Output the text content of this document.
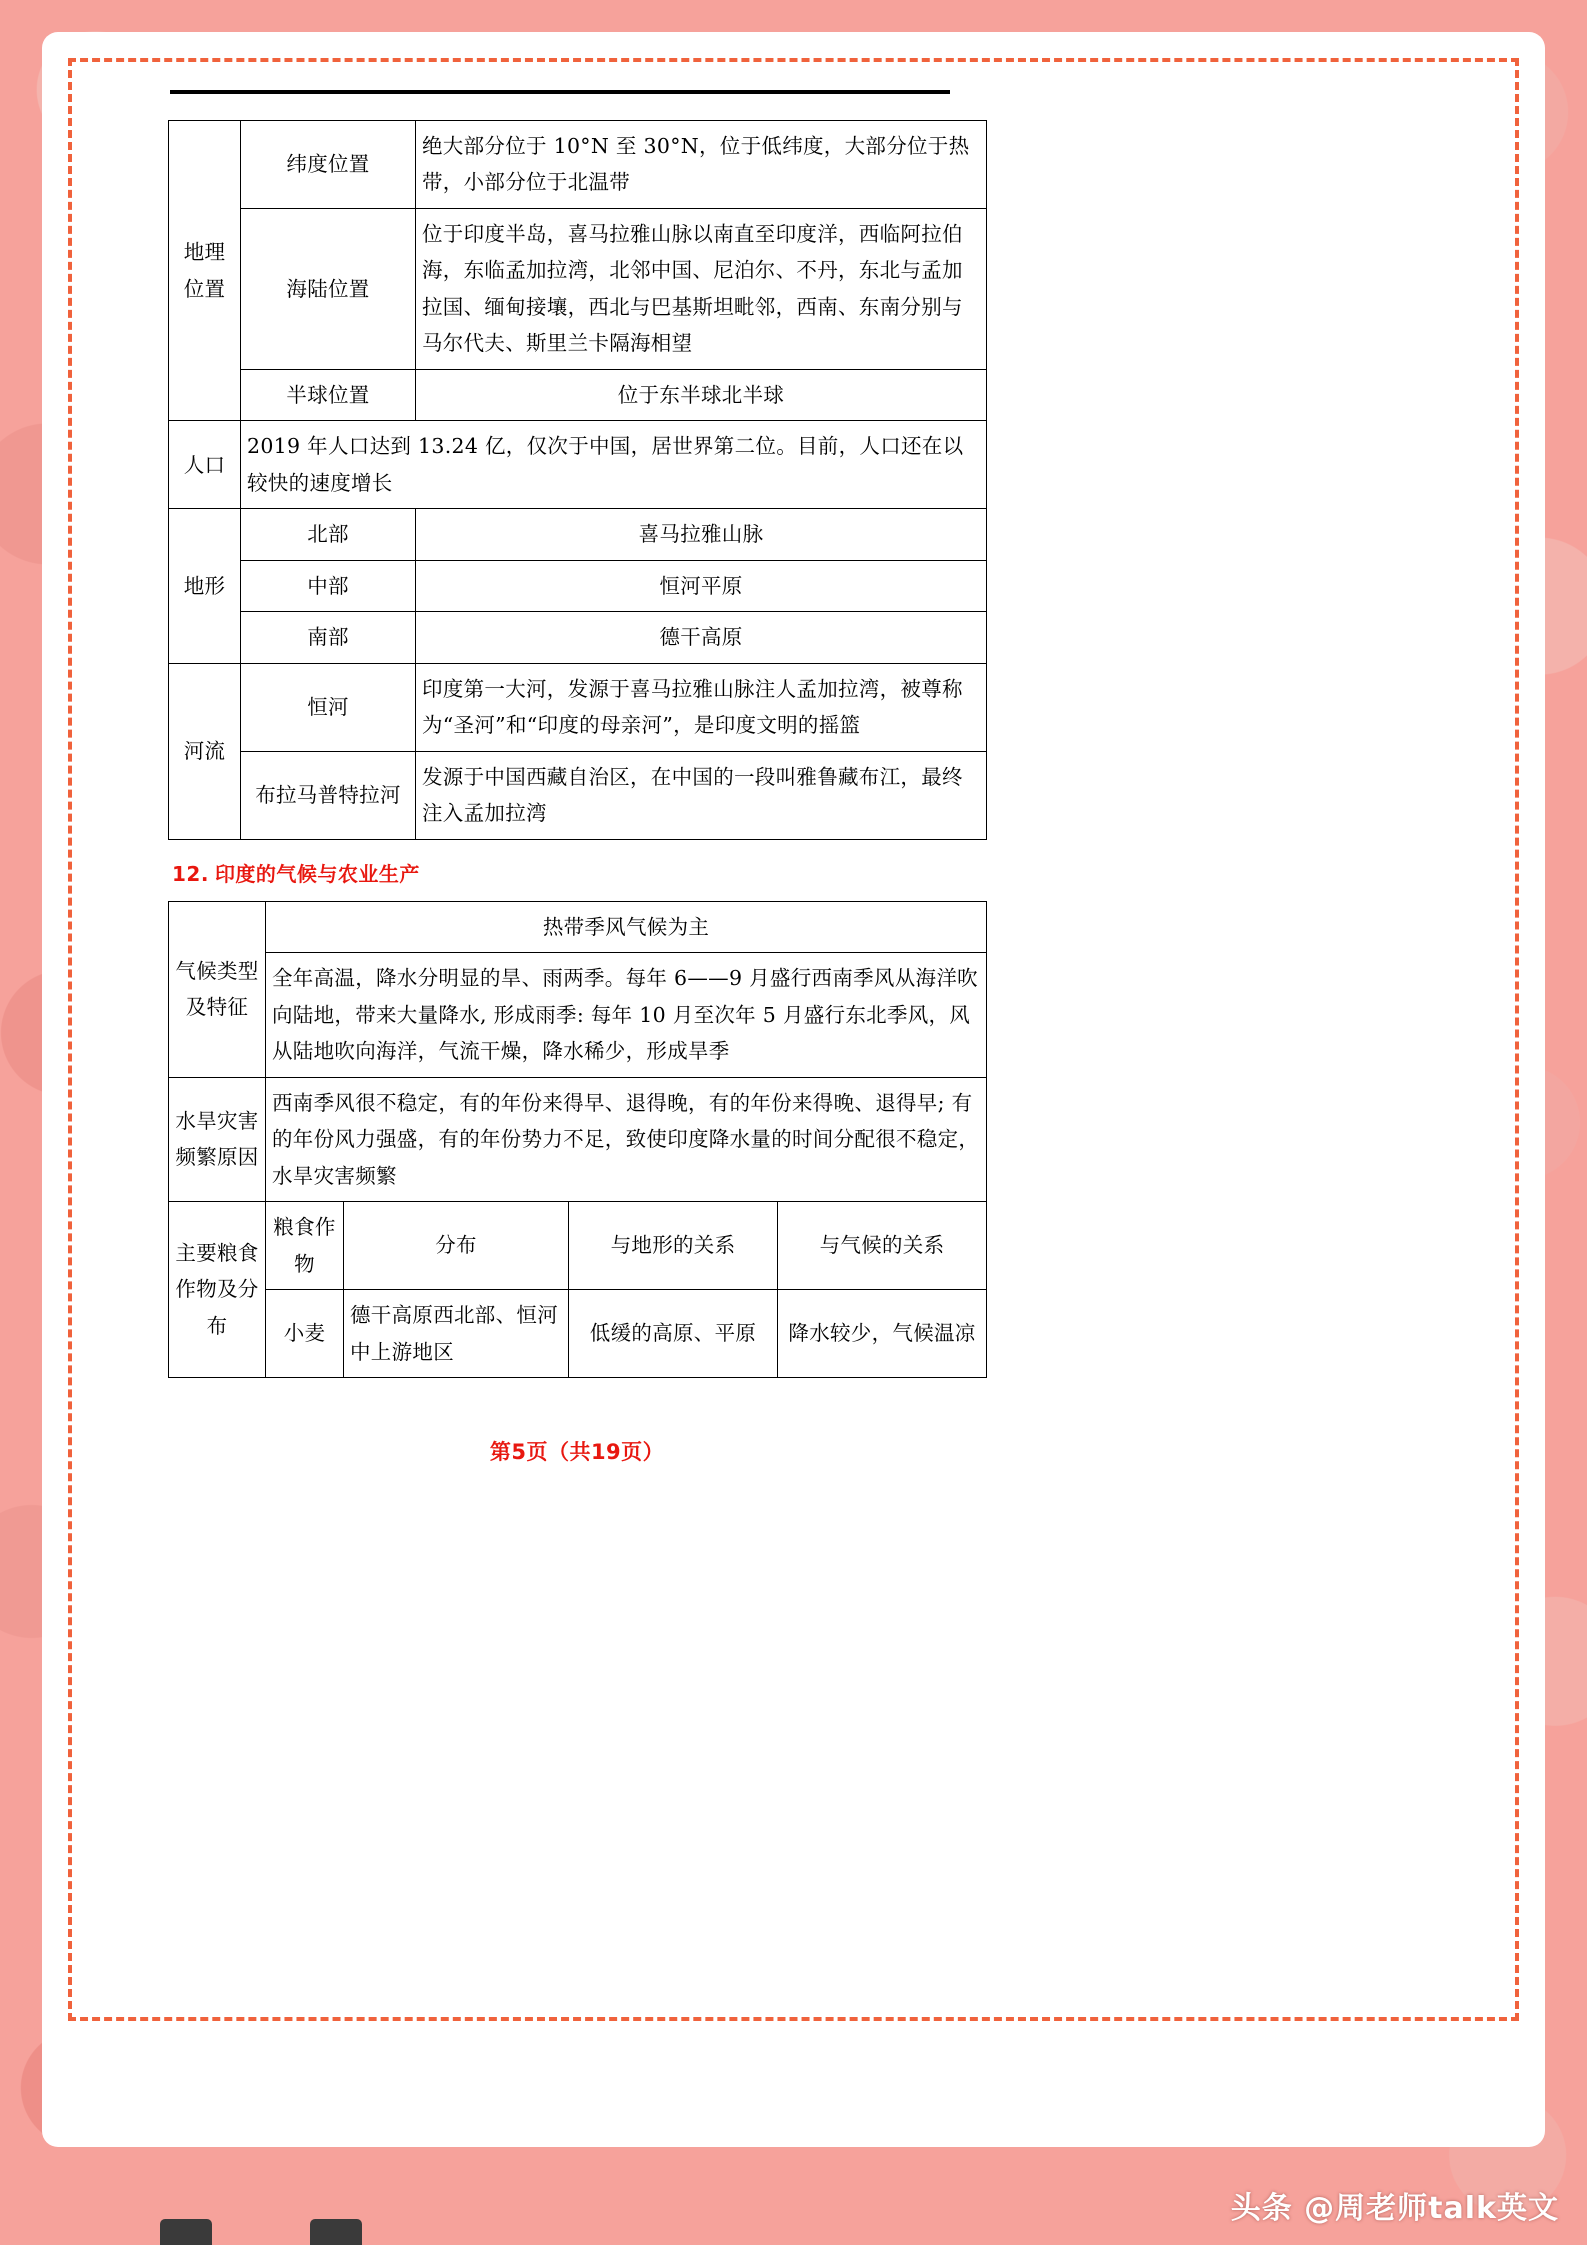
地理位置	纬度位置	绝大部分位于 10°N 至 30°N，位于低纬度，大部分位于热带，小部分位于北温带
	海陆位置	位于印度半岛，喜马拉雅山脉以南直至印度洋，西临阿拉伯海，东临孟加拉湾，北邻中国、尼泊尔、不丹，东北与孟加拉国、缅甸接壤，西北与巴基斯坦毗邻，西南、东南分别与马尔代夫、斯里兰卡隔海相望
	半球位置	位于东半球北半球
人口	2019 年人口达到 13.24 亿，仅次于中国，居世界第二位。目前，人口还在以较快的速度增长	
地形	北部	喜马拉雅山脉
	中部	恒河平原
	南部	德干高原
河流	恒河	印度第一大河，发源于喜马拉雅山脉注人孟加拉湾，被尊称为“圣河”和“印度的母亲河”，是印度文明的摇篮
	布拉马普特拉河	发源于中国西藏自治区，在中国的一段叫雅鲁藏布江，最终注入孟加拉湾
12. 印度的气候与农业生产
气候类型及特征	热带季风气候为主			
	全年高温，降水分明显的旱、雨两季。每年 6——9 月盛行西南季风从海洋吹向陆地，带来大量降水, 形成雨季: 每年 10 月至次年 5 月盛行东北季风，风从陆地吹向海洋，气流干燥，降水稀少，形成旱季			
水旱灾害频繁原因	西南季风很不稳定，有的年份来得早、退得晚，有的年份来得晚、退得早; 有的年份风力强盛，有的年份势力不足，致使印度降水量的时间分配很不稳定，水旱灾害频繁			
主要粮食作物及分布	粮食作物	分布	与地形的关系	与气候的关系
	小麦	德干高原西北部、恒河中上游地区	低缓的高原、平原	降水较少，气候温凉
第5页（共19页）
头条 @周老师talk英文
